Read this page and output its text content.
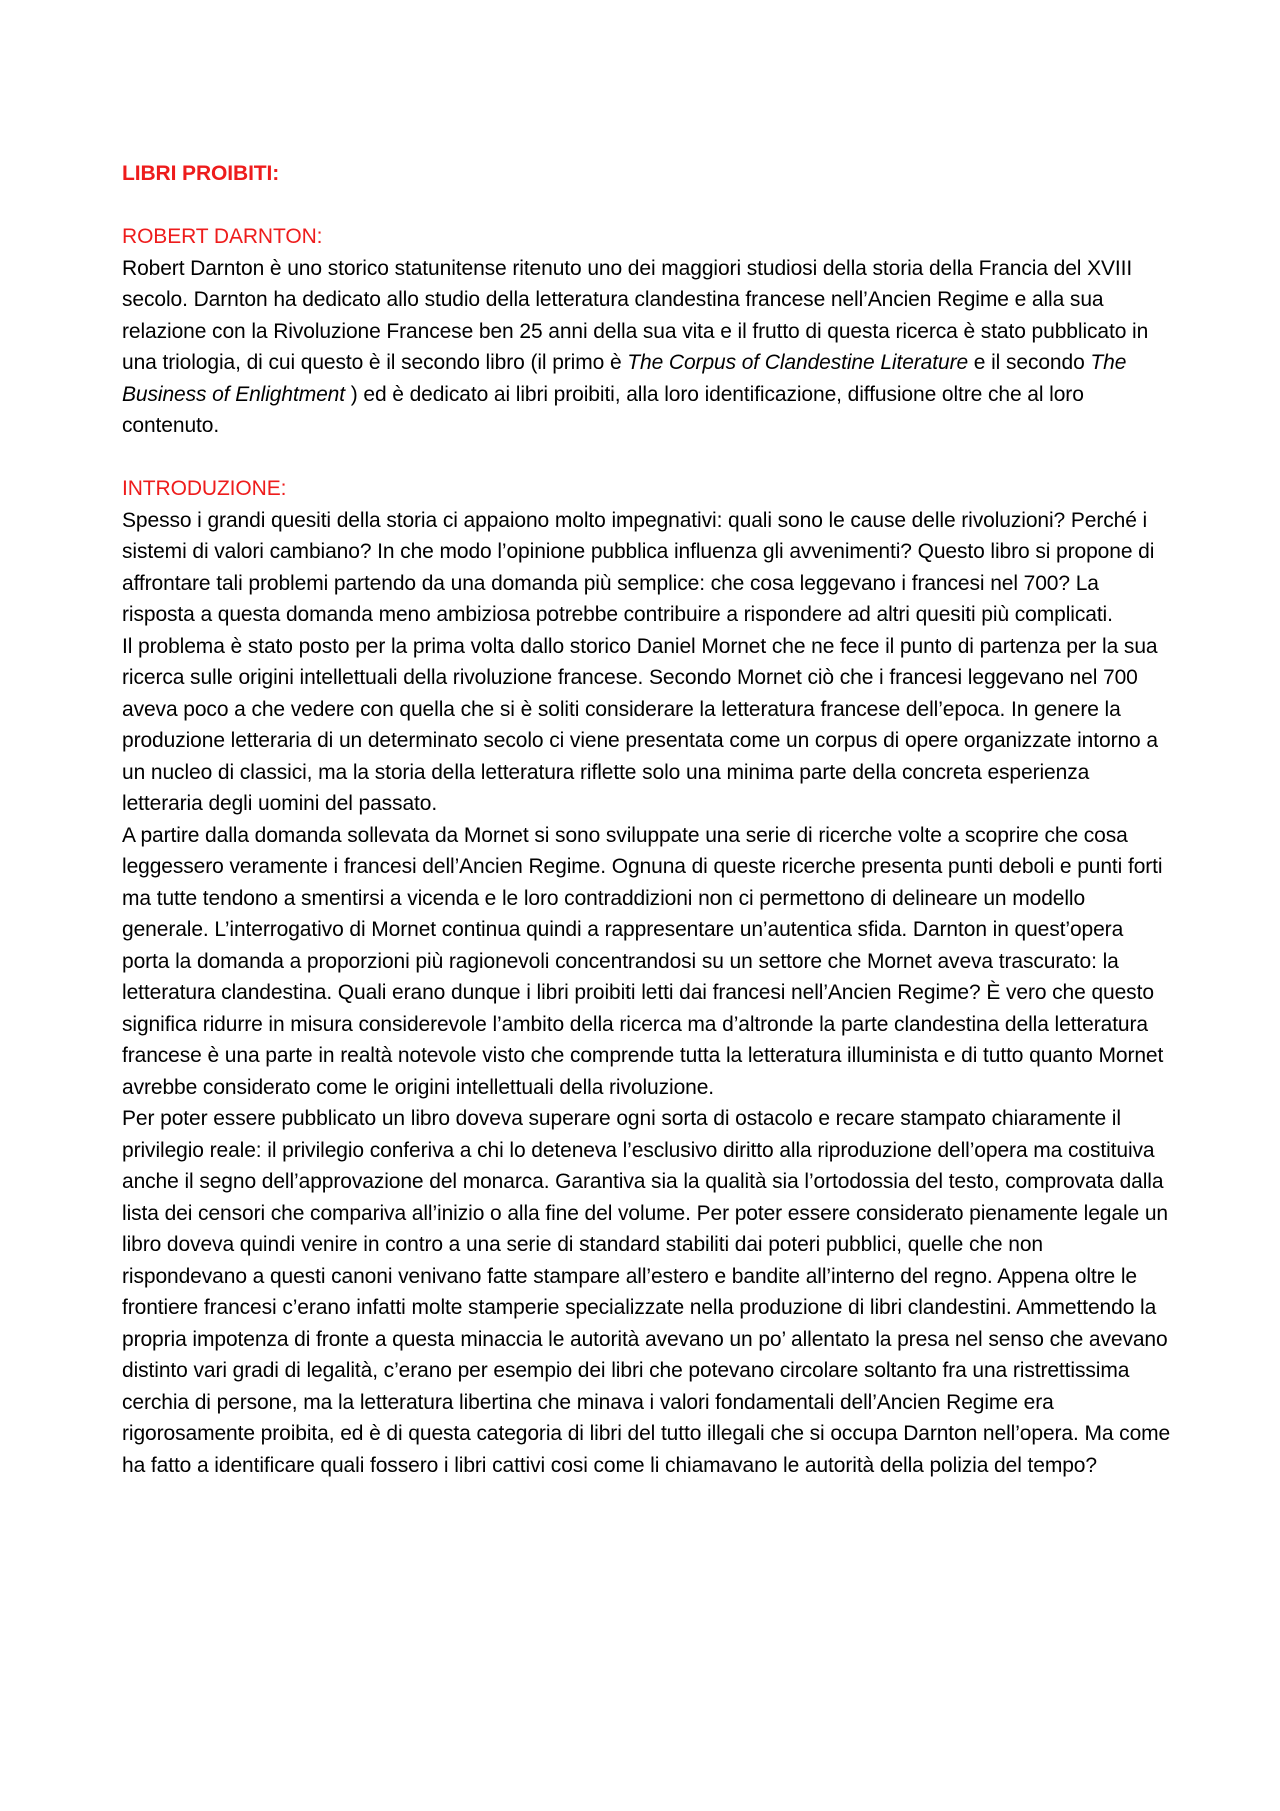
LIBRI PROIBITI:

ROBERT DARNTON:

Robert Darnton è uno storico statunitense ritenuto uno dei maggiori studiosi della storia della Francia del XVIII secolo. Darnton ha dedicato allo studio della letteratura clandestina francese nell’Ancien Regime e alla sua relazione con la Rivoluzione Francese ben 25 anni della sua vita e il frutto di questa ricerca è stato pubblicato in una triologia, di cui questo è il secondo libro (il primo è The Corpus of Clandestine Literature e il secondo The Business of Enlightment ) ed è dedicato ai libri proibiti, alla loro identificazione, diffusione oltre che al loro contenuto.

INTRODUZIONE:

Spesso i grandi quesiti della storia ci appaiono molto impegnativi: quali sono le cause delle rivoluzioni? Perché i sistemi di valori cambiano? In che modo l’opinione pubblica influenza gli avvenimenti? Questo libro si propone di affrontare tali problemi partendo da una domanda più semplice: che cosa leggevano i francesi nel 700? La risposta a questa domanda meno ambiziosa potrebbe contribuire a rispondere ad altri quesiti più complicati.

Il problema è stato posto per la prima volta dallo storico Daniel Mornet che ne fece il punto di partenza per la sua ricerca sulle origini intellettuali della rivoluzione francese. Secondo Mornet ciò che i francesi leggevano nel 700 aveva poco a che vedere con quella che si è soliti considerare la letteratura francese dell’epoca. In genere la produzione letteraria di un determinato secolo ci viene presentata come un corpus di opere organizzate intorno a un nucleo di classici, ma la storia della letteratura riflette solo una minima parte della concreta esperienza letteraria degli uomini del passato.

A partire dalla domanda sollevata da Mornet si sono sviluppate una serie di ricerche volte a scoprire che cosa leggessero veramente i francesi dell’Ancien Regime. Ognuna di queste ricerche presenta punti deboli e punti forti ma tutte tendono a smentirsi a vicenda e le loro contraddizioni non ci permettono di delineare un modello generale. L’interrogativo di Mornet continua quindi a rappresentare un’autentica sfida. Darnton in quest’opera porta la domanda a proporzioni più ragionevoli concentrandosi su un settore che Mornet aveva trascurato: la letteratura clandestina. Quali erano dunque i libri proibiti letti dai francesi nell’Ancien Regime? È vero che questo significa ridurre in misura considerevole l’ambito della ricerca ma d’altronde la parte clandestina della letteratura francese è una parte in realtà notevole visto che comprende tutta la letteratura illuminista e di tutto quanto Mornet avrebbe considerato come le origini intellettuali della rivoluzione.

Per poter essere pubblicato un libro doveva superare ogni sorta di ostacolo e recare stampato chiaramente il privilegio reale: il privilegio conferiva a chi lo deteneva l’esclusivo diritto alla riproduzione dell’opera ma costituiva anche il segno dell’approvazione del monarca. Garantiva sia la qualità sia l’ortodossia del testo, comprovata dalla lista dei censori che compariva all’inizio o alla fine del volume. Per poter essere considerato pienamente legale un libro doveva quindi venire in contro a una serie di standard stabiliti dai poteri pubblici, quelle che non rispondevano a questi canoni venivano fatte stampare all’estero e bandite all’interno del regno. Appena oltre le frontiere francesi c’erano infatti molte stamperie specializzate nella produzione di libri clandestini. Ammettendo la propria impotenza di fronte a questa minaccia le autorità avevano un po’ allentato la presa nel senso che avevano distinto vari gradi di legalità, c’erano per esempio dei libri che potevano circolare soltanto fra una ristrettissima cerchia di persone, ma la letteratura libertina che minava i valori fondamentali dell’Ancien Regime era rigorosamente proibita, ed è di questa categoria di libri del tutto illegali che si occupa Darnton nell’opera. Ma come ha fatto a identificare quali fossero i libri cattivi cosi come li chiamavano le autorità della polizia del tempo?
